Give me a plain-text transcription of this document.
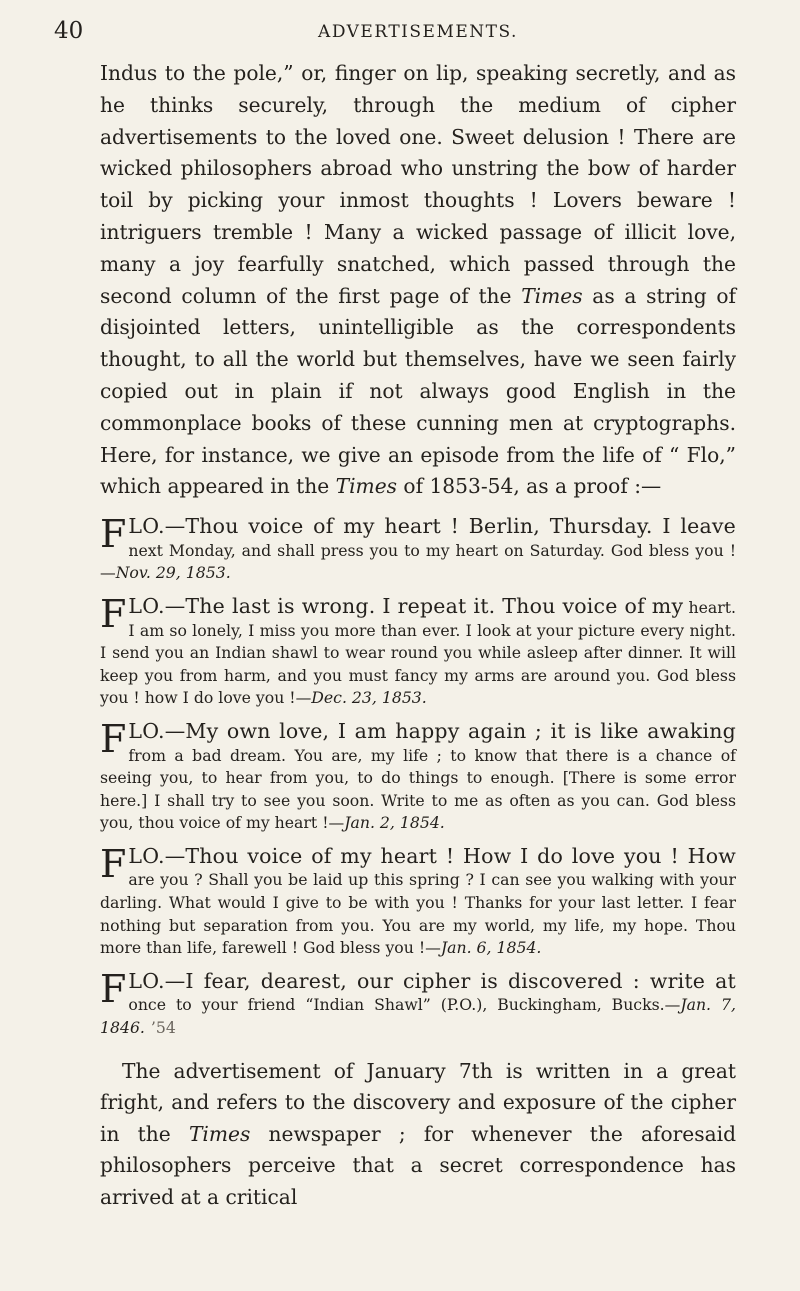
40	ADVERTISEMENTS.

Indus to the pole,” or, finger on lip, speaking secretly, and as he thinks securely, through the medium of cipher advertisements to the loved one. Sweet delusion ! There are wicked philosophers abroad who unstring the bow of harder toil by picking your inmost thoughts ! Lovers beware ! intriguers tremble ! Many a wicked passage of illicit love, many a joy fearfully snatched, which passed through the second column of the first page of the Times as a string of disjointed letters, unintelligible as the correspondents thought, to all the world but themselves, have we seen fairly copied out in plain if not always good English in the commonplace books of these cunning men at cryptographs. Here, for instance, we give an episode from the life of “ Flo,” which appeared in the Times of 1853-54, as a proof :—

FLO.—Thou voice of my heart ! Berlin, Thursday. I leave next Monday, and shall press you to my heart on Saturday. God bless you !—Nov. 29, 1853.

FLO.—The last is wrong. I repeat it. Thou voice of my heart. I am so lonely, I miss you more than ever. I look at your picture every night. I send you an Indian shawl to wear round you while asleep after dinner. It will keep you from harm, and you must fancy my arms are around you. God bless you ! how I do love you !—Dec. 23, 1853.

FLO.—My own love, I am happy again ; it is like awaking from a bad dream. You are, my life ; to know that there is a chance of seeing you, to hear from you, to do things to enough. [There is some error here.] I shall try to see you soon. Write to me as often as you can. God bless you, thou voice of my heart !—Jan. 2, 1854.

FLO.—Thou voice of my heart ! How I do love you ! How are you ? Shall you be laid up this spring ? I can see you walking with your darling. What would I give to be with you ! Thanks for your last letter. I fear nothing but separation from you. You are my world, my life, my hope. Thou more than life, farewell ! God bless you !—Jan. 6, 1854.

FLO.—I fear, dearest, our cipher is discovered : write at once to your friend “Indian Shawl” (P.O.), Buckingham, Bucks.—Jan. 7, 1846. ’54

The advertisement of January 7th is written in a great fright, and refers to the discovery and exposure of the cipher in the Times newspaper ; for whenever the aforesaid philosophers perceive that a secret correspondence has arrived at a critical
